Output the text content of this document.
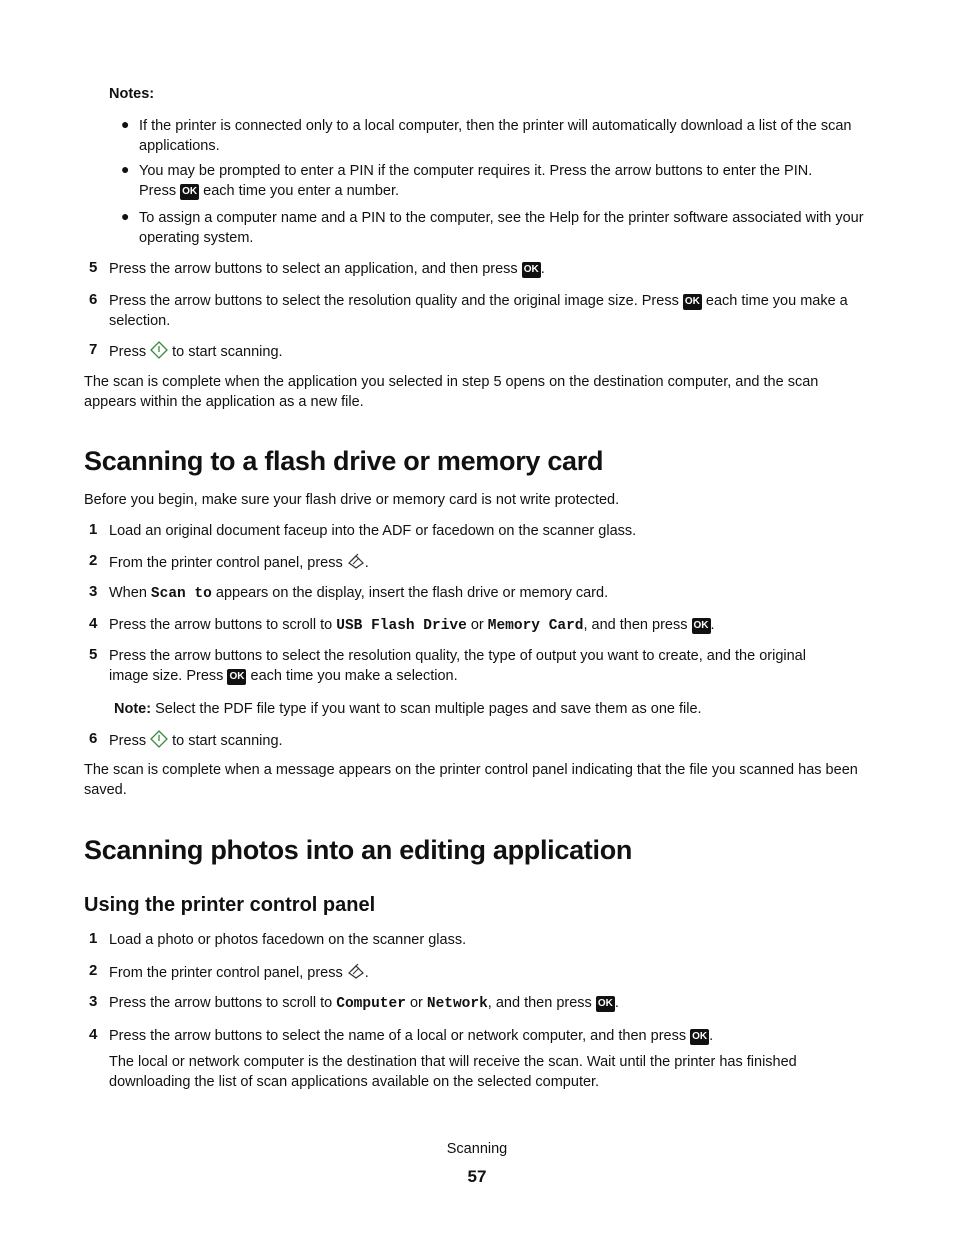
Notes:
● If the printer is connected only to a local computer, then the printer will automatically download a list of the scan applications.
● You may be prompted to enter a PIN if the computer requires it. Press the arrow buttons to enter the PIN.
Press OK each time you enter a number.
● To assign a computer name and a PIN to the computer, see the Help for the printer software associated with your operating system.
5 Press the arrow buttons to select an application, and then press OK .
6 Press the arrow buttons to select the resolution quality and the original image size. Press OK each time you make a selection.
7 Press to start scanning.
The scan is complete when the application you selected in step 5 opens on the destination computer, and the scan appears within the application as a new file.
Scanning to a flash drive or memory card
Before you begin, make sure your flash drive or memory card is not write protected.
1 Load an original document faceup into the ADF or facedown on the scanner glass.
2 From the printer control panel, press .
3 When Scan to appears on the display, insert the flash drive or memory card.
4 Press the arrow buttons to scroll to USB Flash Drive or Memory Card, and then press OK .
5 Press the arrow buttons to select the resolution quality, the type of output you want to create, and the original
image size. Press OK each time you make a selection.
Note: Select the PDF file type if you want to scan multiple pages and save them as one file.
6 Press to start scanning.
The scan is complete when a message appears on the printer control panel indicating that the file you scanned has been saved.
Scanning photos into an editing application
Using the printer control panel
1 Load a photo or photos facedown on the scanner glass.
2 From the printer control panel, press .
3 Press the arrow buttons to scroll to Computer or Network, and then press OK .
4 Press the arrow buttons to select the name of a local or network computer, and then press OK .
The local or network computer is the destination that will receive the scan. Wait until the printer has finished downloading the list of scan applications available on the selected computer.
Scanning
57
